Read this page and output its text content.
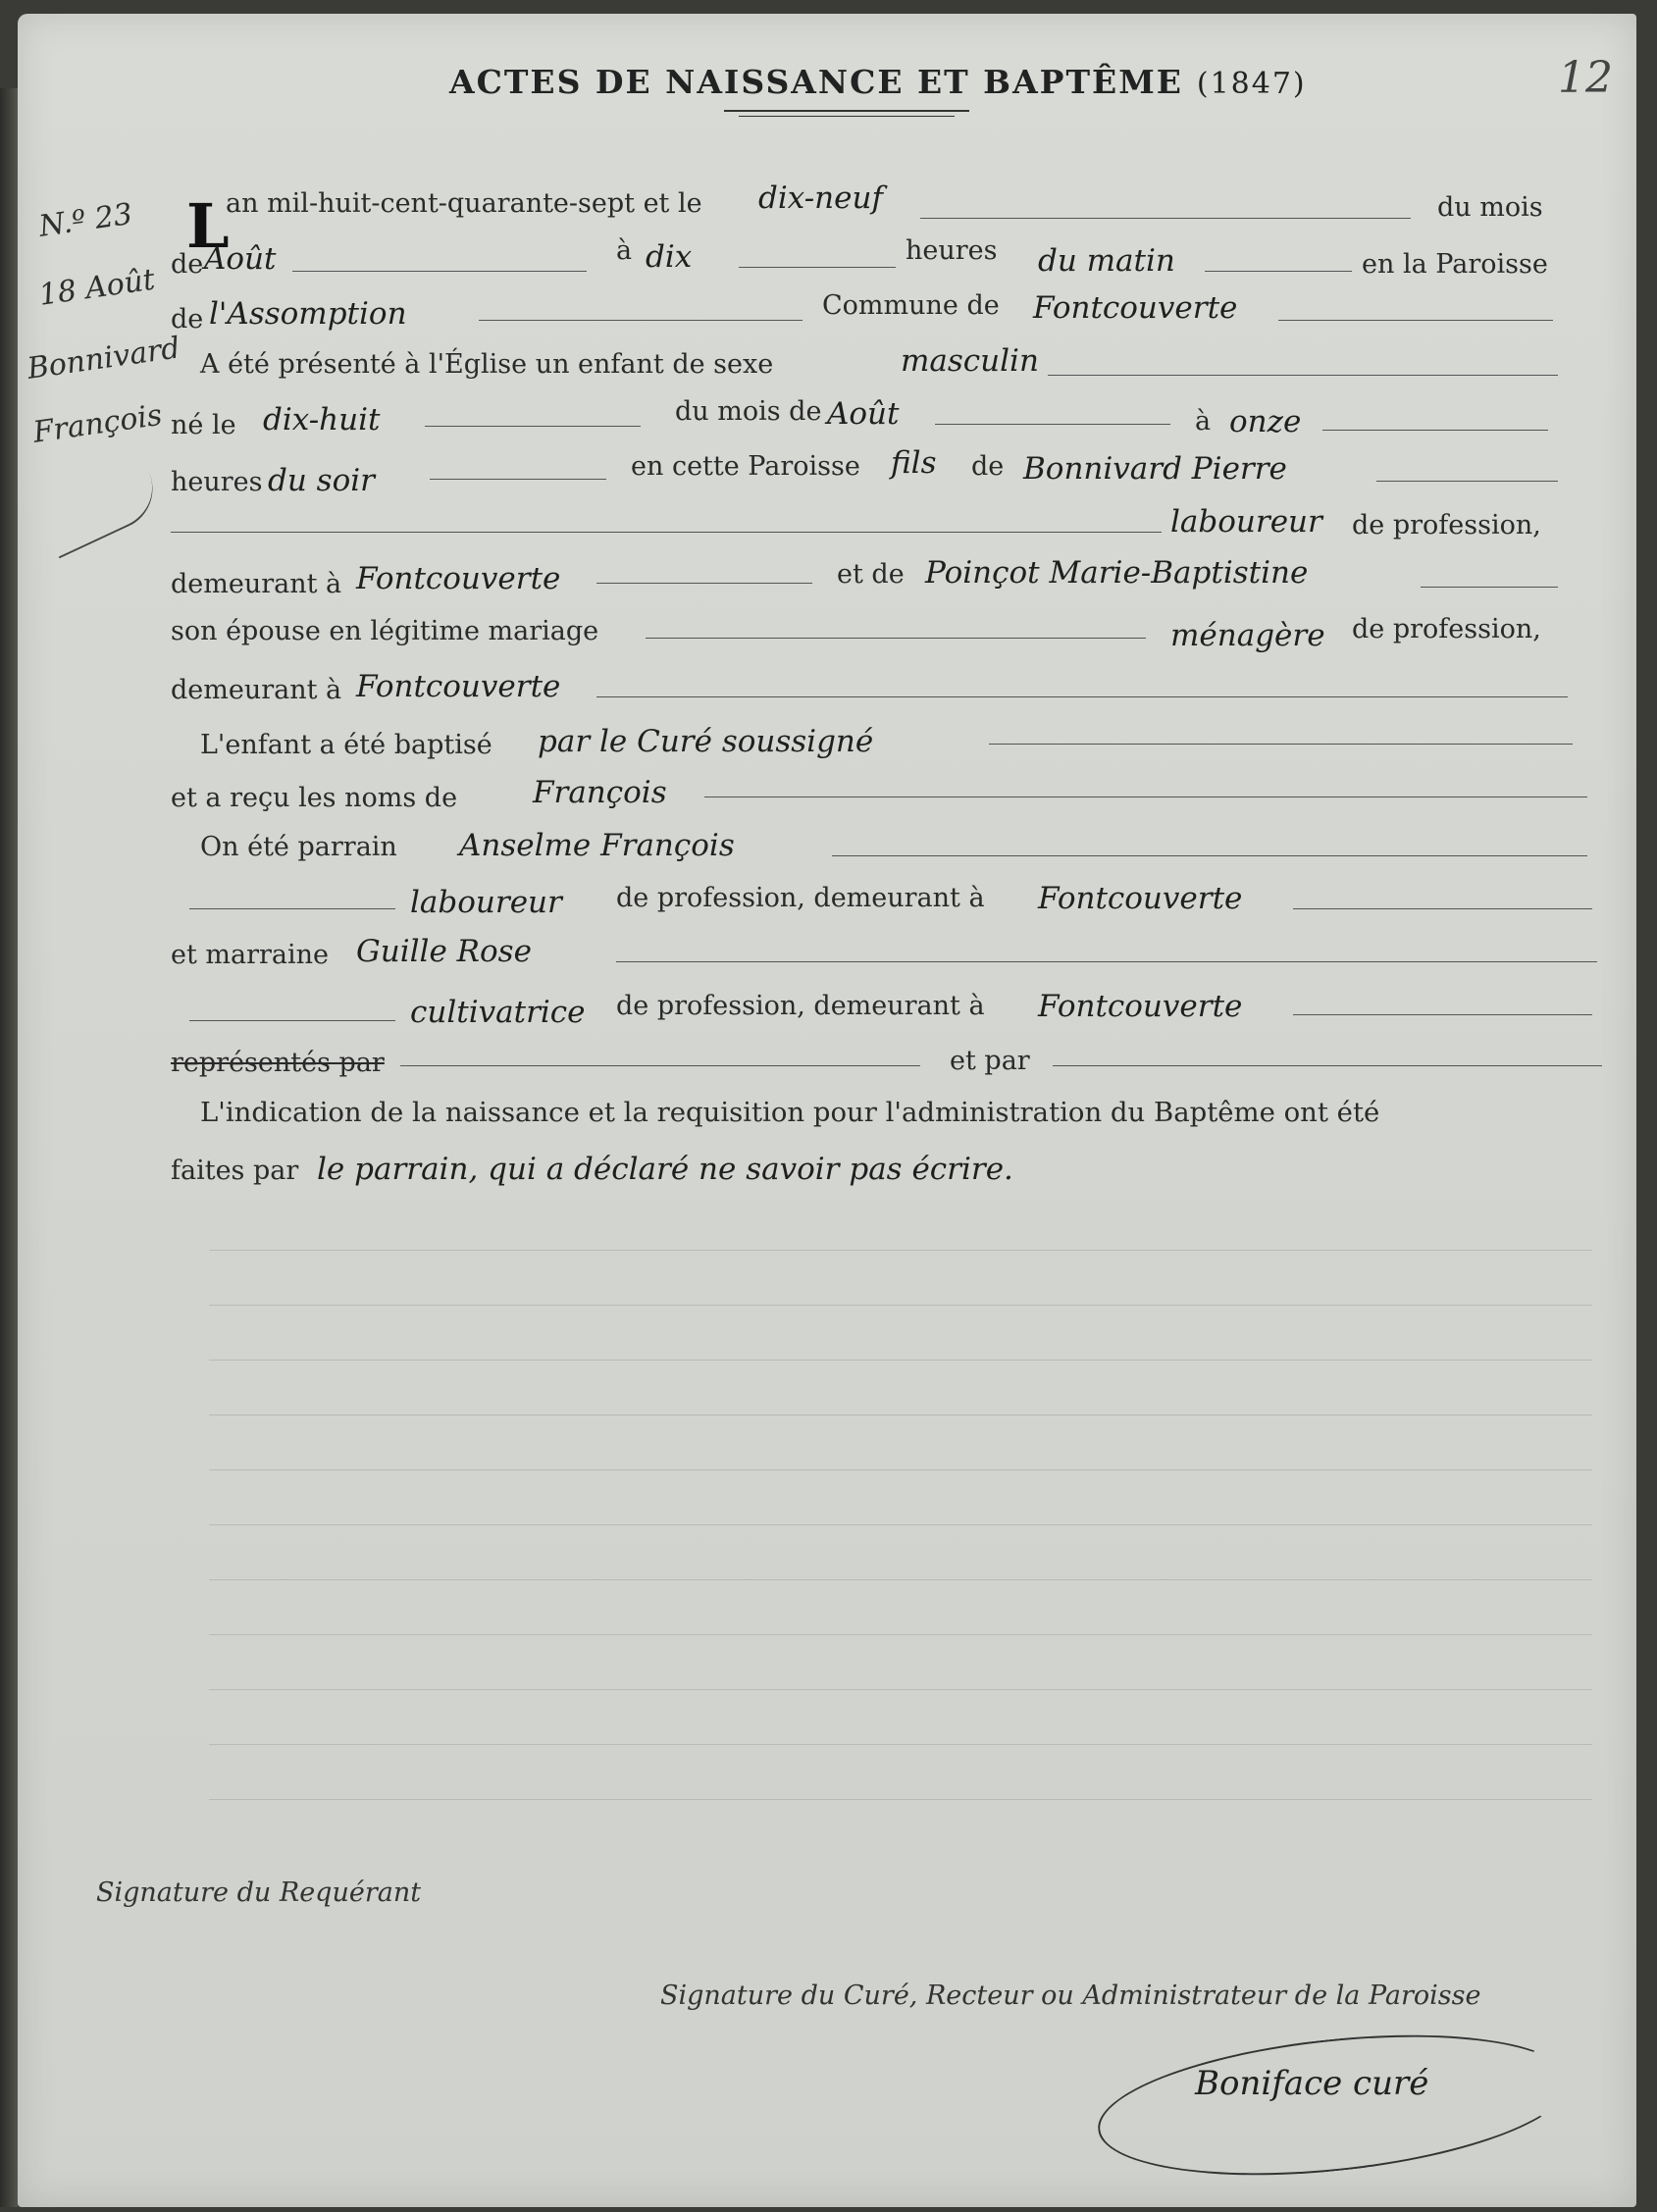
ACTES DE NAISSANCE ET BAPTÊME (1847)	12
N.º 23
18 Août
Bonnivard
François
L
an mil-huit-cent-quarante-sept et le dix-neuf	du mois
de Août	à dix	heures du matin	en la Paroisse
de l'Assomption	Commune de Fontcouverte
A été présenté à l'Église un enfant de sexe	masculin
né le dix-huit	du mois de Août	à onze
heures du soir	en cette Paroisse fils de Bonnivard Pierre
laboureur de profession,
demeurant à Fontcouverte	et de Poinçot Marie-Baptistine
son épouse en légitime mariage	ménagère de profession,
demeurant à Fontcouverte
L'enfant a été baptisé par le Curé soussigné
et a reçu les noms de François
On été parrain Anselme François
laboureur de profession, demeurant à Fontcouverte
et marraine Guille Rose
cultivatrice de profession, demeurant à Fontcouverte
représentés par	et par
L'indication de la naissance et la requisition pour l'administration du Baptême ont été
faites par le parrain, qui a déclaré ne savoir pas écrire.
Signature du Requérant
Signature du Curé, Recteur ou Administrateur de la Paroisse
Boniface curé
